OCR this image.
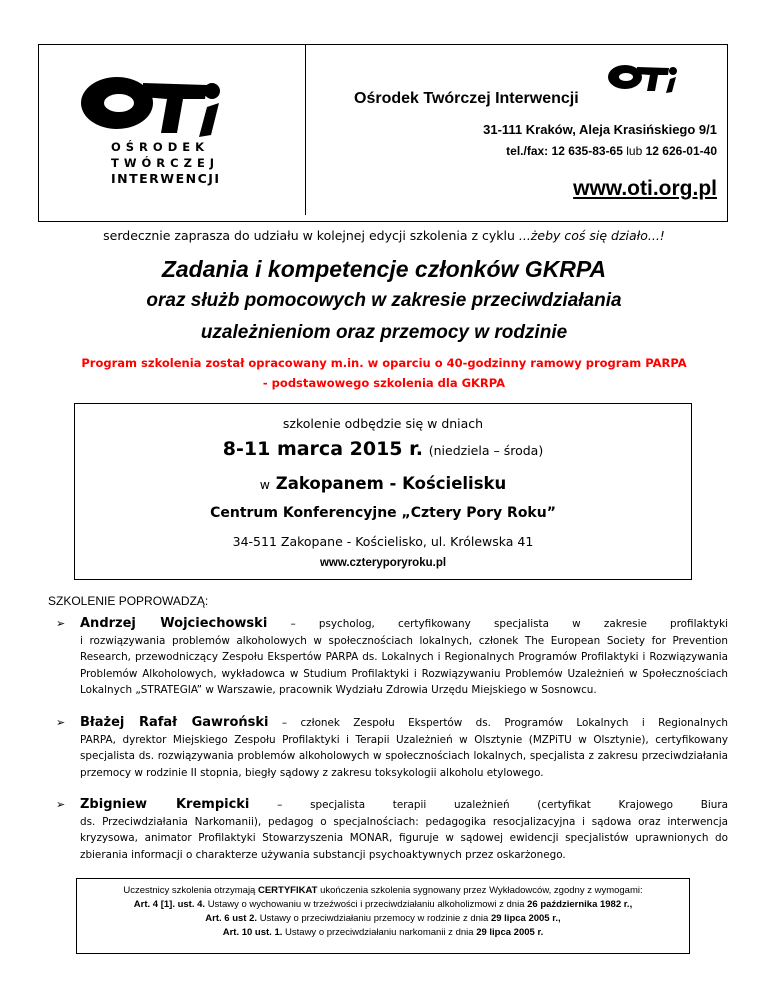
OŚRODEK
TWÓRCZEJ
INTERWENCJI
Ośrodek Twórczej Interwencji
31-111 Kraków, Aleja Krasińskiego 9/1
tel./fax: 12 635-83-65 lub 12 626-01-40
www.oti.org.pl
serdecznie zaprasza do udziału w kolejnej edycji szkolenia z cyklu ...żeby coś się działo...!
Zadania i kompetencje członków GKRPA
oraz służb pomocowych w zakresie przeciwdziałania
uzależnieniom oraz przemocy w rodzinie
Program szkolenia został opracowany m.in. w oparciu o 40-godzinny ramowy program PARPA
- podstawowego szkolenia dla GKRPA
szkolenie odbędzie się w dniach
8-11 marca 2015 r. (niedziela – środa)
w Zakopanem - Kościelisku
Centrum Konferencyjne „Cztery Pory Roku”
34-511 Zakopane - Kościelisko, ul. Królewska 41
www.czteryporyroku.pl
SZKOLENIE POPROWADZĄ:
➢ Andrzej Wojciechowski – psycholog, certyfikowany specjalista w zakresie profilaktyki
i rozwiązywania problemów alkoholowych w społecznościach lokalnych, członek The European Society for Prevention Research, przewodniczący Zespołu Ekspertów PARPA ds. Lokalnych i Regionalnych Programów Profilaktyki i Rozwiązywania Problemów Alkoholowych, wykładowca w Studium Profilaktyki i Rozwiązywaniu Problemów Uzależnień w Społecznościach Lokalnych „STRATEGIA” w Warszawie, pracownik Wydziału Zdrowia Urzędu Miejskiego w Sosnowcu.
➢ Błażej Rafał Gawroński – członek Zespołu Ekspertów ds. Programów Lokalnych i Regionalnych
PARPA, dyrektor Miejskiego Zespołu Profilaktyki i Terapii Uzależnień w Olsztynie (MZPiTU w Olsztynie), certyfikowany specjalista ds. rozwiązywania problemów alkoholowych w społecznościach lokalnych, specjalista z zakresu przeciwdziałania przemocy w rodzinie II stopnia, biegły sądowy z zakresu toksykologii alkoholu etylowego.
➢ Zbigniew Krempicki	–	specjalista terapii uzależnień (certyfikat Krajowego Biura
ds. Przeciwdziałania Narkomanii), pedagog o specjalnościach: pedagogika resocjalizacyjna i sądowa oraz interwencja kryzysowa, animator Profilaktyki Stowarzyszenia MONAR, figuruje w sądowej ewidencji specjalistów uprawnionych do zbierania informacji o charakterze używania substancji psychoaktywnych przez oskarżonego.
Uczestnicy szkolenia otrzymają CERTYFIKAT ukończenia szkolenia sygnowany przez Wykładowców, zgodny z wymogami:
Art. 4 [1]. ust. 4. Ustawy o wychowaniu w trzeźwości i przeciwdziałaniu alkoholizmowi z dnia 26 października 1982 r.,
Art. 6 ust 2. Ustawy o przeciwdziałaniu przemocy w rodzinie z dnia 29 lipca 2005 r.,
Art. 10 ust. 1. Ustawy o przeciwdziałaniu narkomanii z dnia 29 lipca 2005 r.
